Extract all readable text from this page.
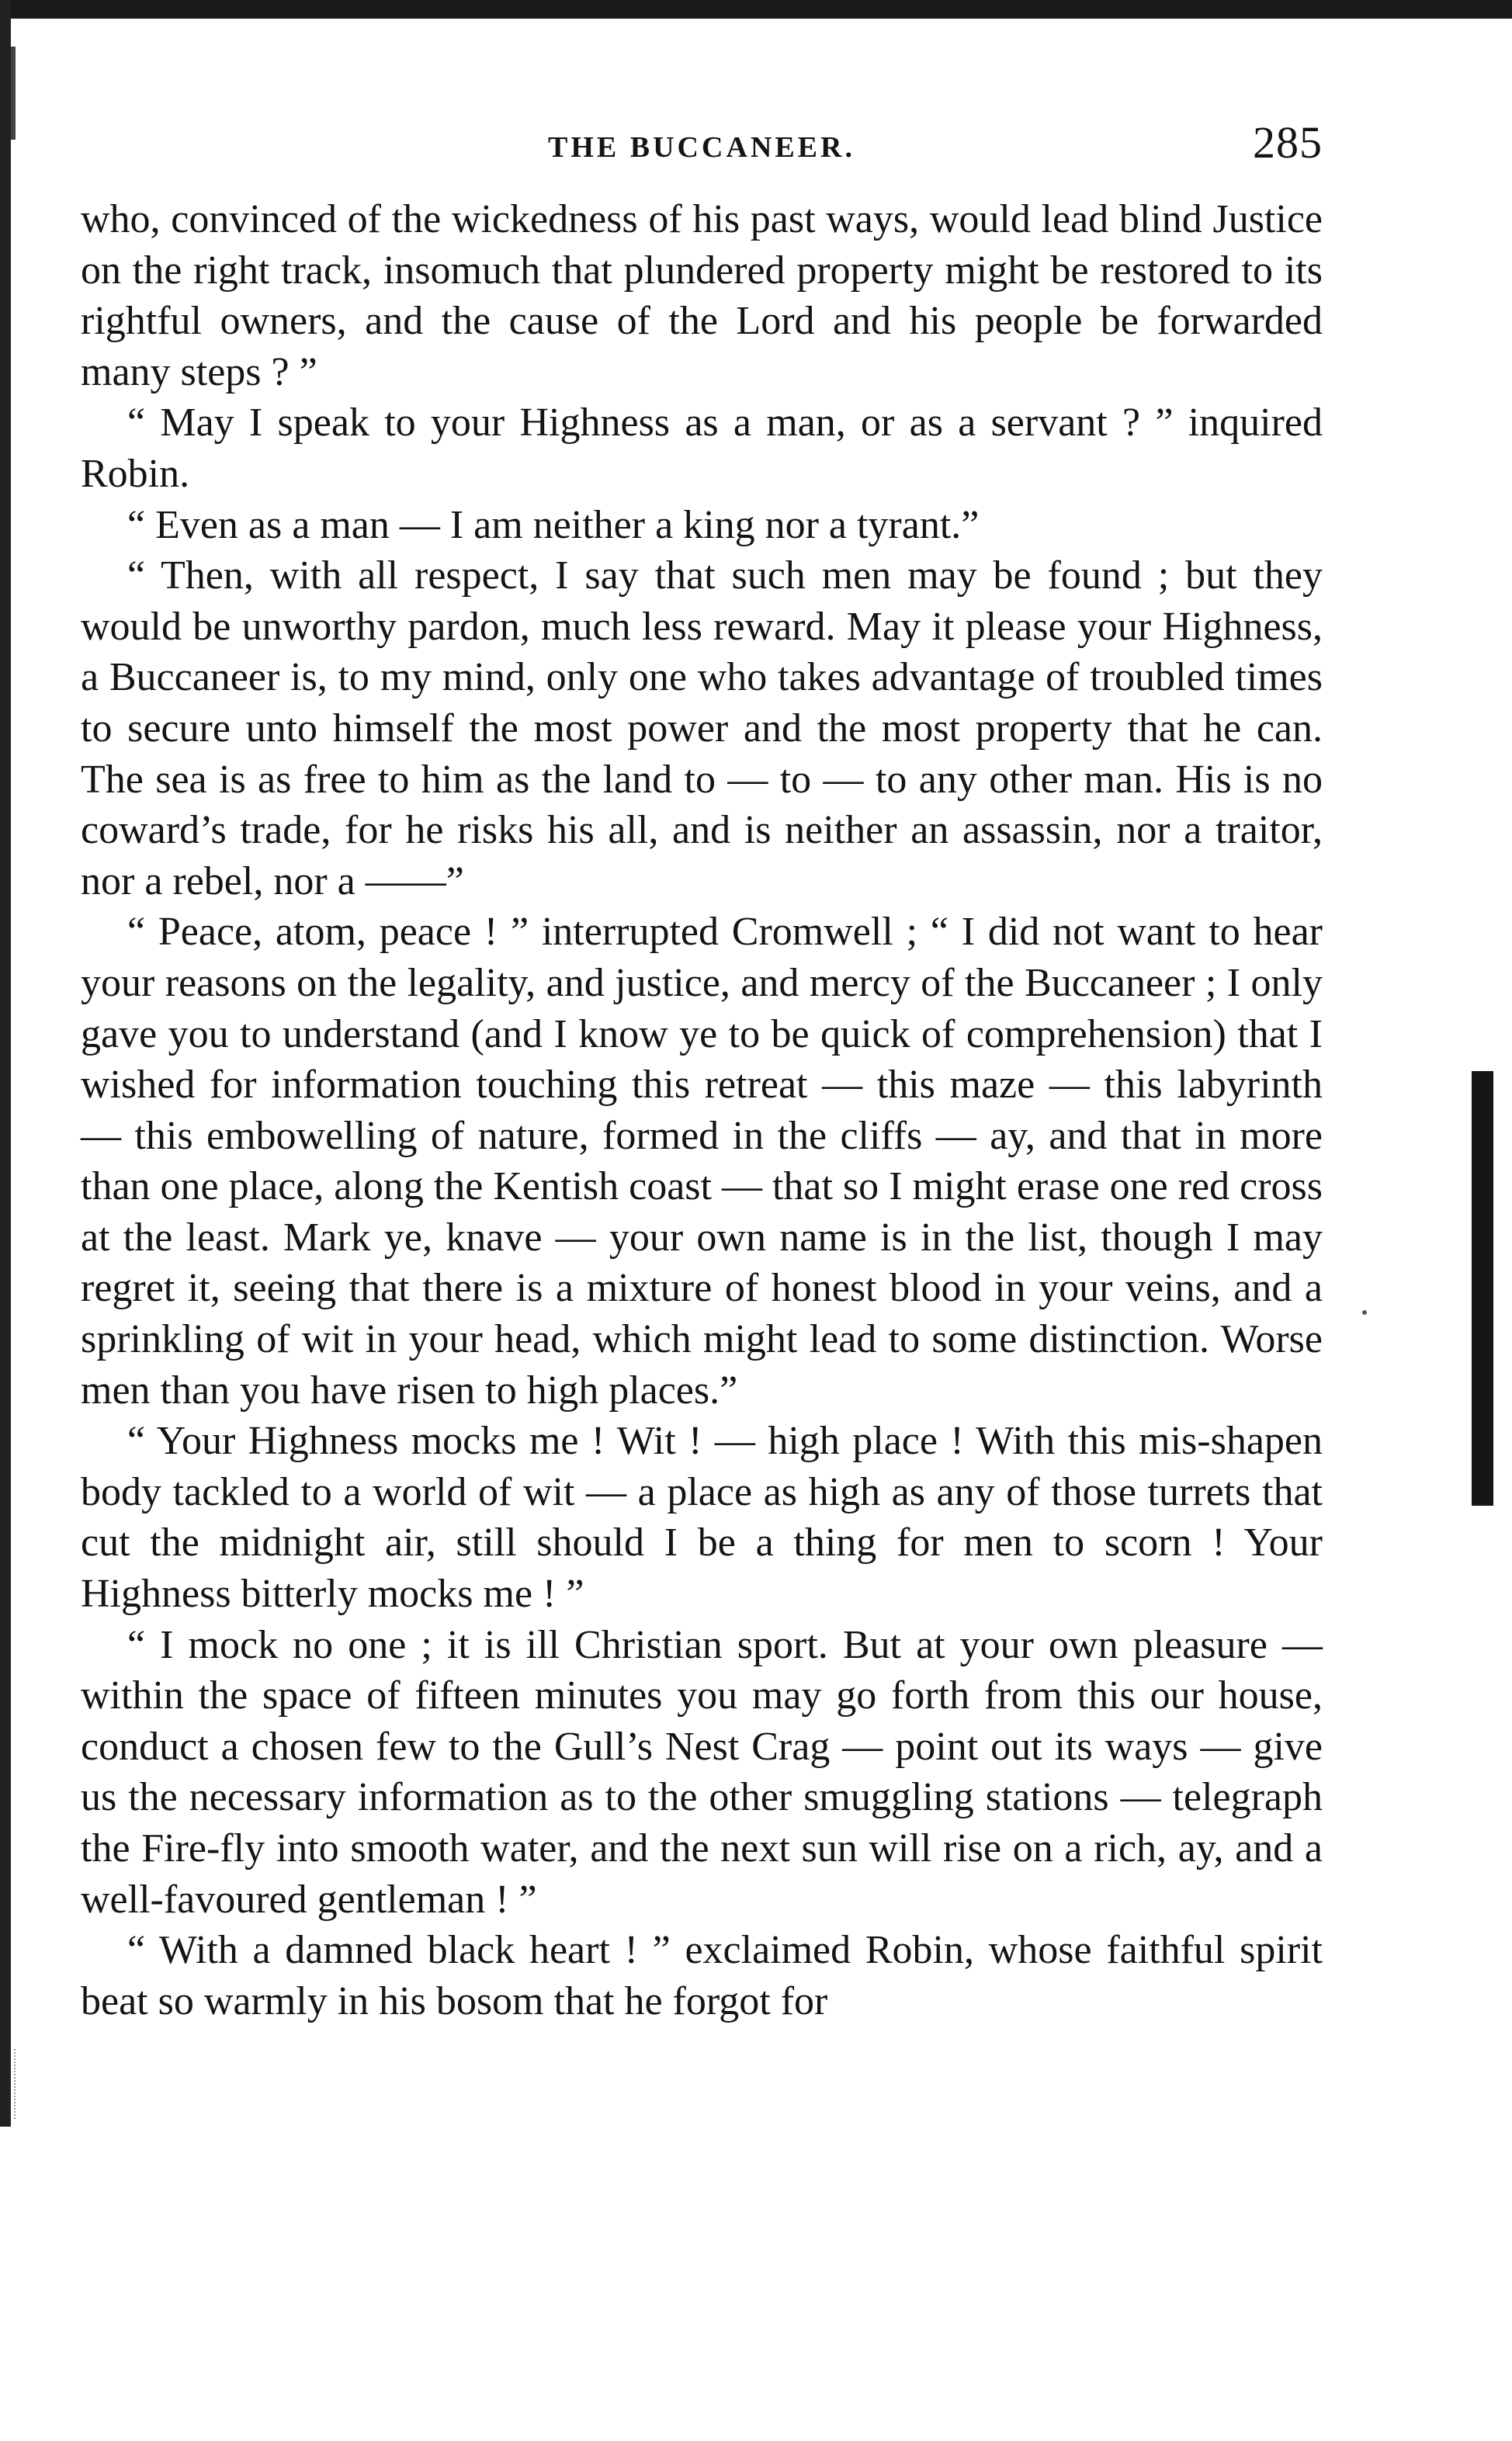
THE BUCCANEER.	285

who, convinced of the wickedness of his past ways, would lead blind Justice on the right track, insomuch that plundered property might be restored to its rightful owners, and the cause of the Lord and his people be forwarded many steps ? ”

“ May I speak to your Highness as a man, or as a servant ? ” inquired Robin.

“ Even as a man — I am neither a king nor a tyrant.”

“ Then, with all respect, I say that such men may be found ; but they would be unworthy pardon, much less reward. May it please your Highness, a Buccaneer is, to my mind, only one who takes advantage of troubled times to secure unto himself the most power and the most property that he can. The sea is as free to him as the land to — to — to any other man. His is no coward’s trade, for he risks his all, and is neither an assassin, nor a traitor, nor a rebel, nor a ——”

“ Peace, atom, peace ! ” interrupted Cromwell ; “ I did not want to hear your reasons on the legality, and justice, and mercy of the Buccaneer ; I only gave you to understand (and I know ye to be quick of comprehension) that I wished for information touching this retreat — this maze — this labyrinth — this embowelling of nature, formed in the cliffs — ay, and that in more than one place, along the Kentish coast — that so I might erase one red cross at the least. Mark ye, knave — your own name is in the list, though I may regret it, seeing that there is a mixture of honest blood in your veins, and a sprinkling of wit in your head, which might lead to some distinction. Worse men than you have risen to high places.”

“ Your Highness mocks me ! Wit ! — high place ! With this mis-shapen body tackled to a world of wit — a place as high as any of those turrets that cut the midnight air, still should I be a thing for men to scorn ! Your Highness bitterly mocks me ! ”

“ I mock no one ; it is ill Christian sport. But at your own pleasure — within the space of fifteen minutes you may go forth from this our house, conduct a chosen few to the Gull’s Nest Crag — point out its ways — give us the necessary information as to the other smuggling stations — telegraph the Fire-fly into smooth water, and the next sun will rise on a rich, ay, and a well-favoured gentleman ! ”

“ With a damned black heart ! ” exclaimed Robin, whose faithful spirit beat so warmly in his bosom that he forgot for
